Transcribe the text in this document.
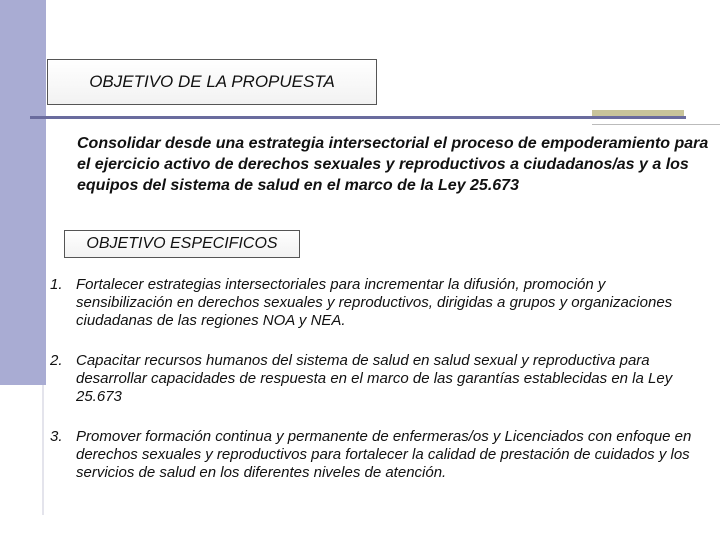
OBJETIVO DE LA PROPUESTA

Consolidar desde una estrategia intersectorial el proceso de empoderamiento para el ejercicio activo de derechos sexuales y reproductivos a ciudadanos/as y a los equipos del sistema de salud en el marco de la Ley 25.673

OBJETIVO ESPECIFICOS
1. Fortalecer estrategias intersectoriales para incrementar la difusión, promoción y sensibilización en derechos sexuales y reproductivos, dirigidas a grupos y organizaciones ciudadanas de las regiones NOA y NEA.
2. Capacitar recursos humanos del sistema de salud en salud sexual y reproductiva para desarrollar capacidades de respuesta en el marco de las garantías establecidas en la Ley 25.673
3. Promover formación continua y permanente de enfermeras/os y Licenciados con enfoque en derechos sexuales y reproductivos para fortalecer la calidad de prestación de cuidados y los servicios de salud en los diferentes niveles de atención.
